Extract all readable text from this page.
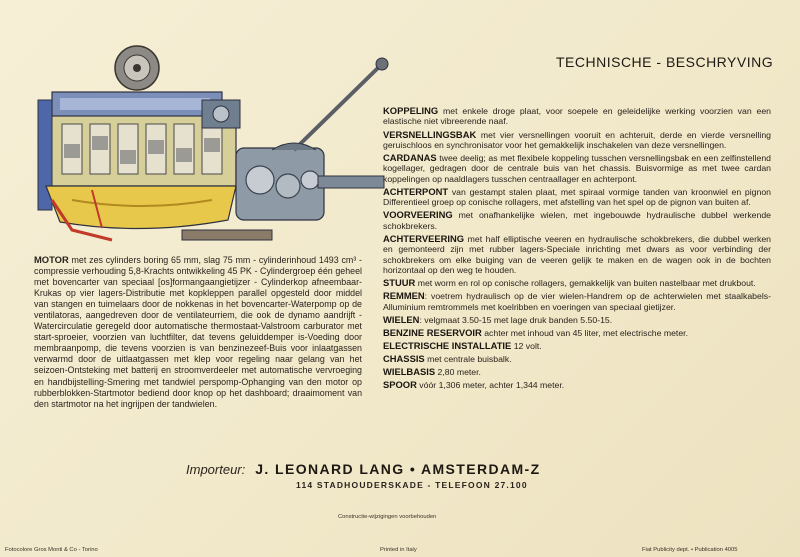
TECHNISCHE - BESCHRYVING
MOTOR met zes cylinders boring 65 mm, slag 75 mm - cylinderinhoud 1493 cm³ - compressie verhouding 5,8-Krachts ontwikkeling 45 PK - Cylindergroep één geheel met bovencarter van speciaal [os]formangaangietijzer - Cylinderkop afneembaar-Krukas op vier lagers-Distributie met kopkleppen parallel opgesteld door middel van stangen en tuimelaars door de nokkenas in het bovencarter-Waterpomp op de ventilatoras, aangedreven door de ventilateurriem, die ook de dynamo aandrijft - Watercirculatie geregeld door automatische thermostaat-Valstroom carburator met start-sproeier, voorzien van luchtfilter, dat tevens geluiddemper is-Voeding door membraanpomp, die tevens voorzien is van benzinezeef-Buis voor inlaatgassen verwarmd door de uitlaatgassen met klep voor regeling naar gelang van het seizoen-Ontsteking met batterij en stroomverdeeler met automatische vervroeging en handbijstelling-Smering met tandwiel perspomp-Ophanging van den motor op rubberblokken-Startmotor bediend door knop op het dashboard; draaimoment van den startmotor na het ingrijpen der tandwielen.
KOPPELING met enkele droge plaat, voor soepele en geleidelijke werking voorzien van een elastische niet vibreerende naaf.
VERSNELLINGSBAK met vier versnellingen vooruit en achteruit, derde en vierde versnelling geruischloos en synchronisator voor het gemakkelijk inschakelen van deze versnellingen.
CARDANAS twee deelig; as met flexibele koppeling tusschen versnellingsbak en een zelfinstellend kogellager, gedragen door de centrale buis van het chassis. Buisvormige as met twee cardan koppelingen op naaldlagers tusschen centraallager en achterpont.
ACHTERPONT van gestampt stalen plaat, met spiraal vormige tanden van kroonwiel en pignon Differentieel groep op conische rollagers, met afstelling van het spel op de pignon van buiten af.
VOORVEERING met onafhankelijke wielen, met ingebouwde hydraulische dubbel werkende schokbrekers.
ACHTERVEERING met half elliptische veeren en hydraulische schokbrekers, die dubbel werken en gemonteerd zijn met rubber lagers-Speciale inrichting met dwars as voor verbinding der schokbrekers om elke buiging van de veeren gelijk te maken en de wagen ook in de bochten horizontaal op den weg te houden.
STUUR met worm en rol op conische rollagers, gemakkelijk van buiten nastelbaar met drukbout.
REMMEN: voetrem hydraulisch op de vier wielen-Handrem op de achterwielen met staalkabels-Alluminium remtrommels met koelribben en voeringen van speciaal gietijzer.
WIELEN: velgmaat 3.50-15 met lage druk banden 5.50-15.
BENZINE RESERVOIR achter met inhoud van 45 liter, met electrische meter.
ELECTRISCHE INSTALLATIE 12 volt.
CHASSIS met centrale buisbalk.
WIELBASIS 2,80 meter.
SPOOR vóór 1,306 meter, achter 1,344 meter.
Importeur: J. LEONARD LANG • AMSTERDAM-Z
114 STADHOUDERSKADE - TELEFOON 27.100
Constructie-wijzigingen voorbehouden
Fotocolore Gros Monti & Co - Torino	Printed in Italy	Fiat Publicity dept. • Publication 4005
